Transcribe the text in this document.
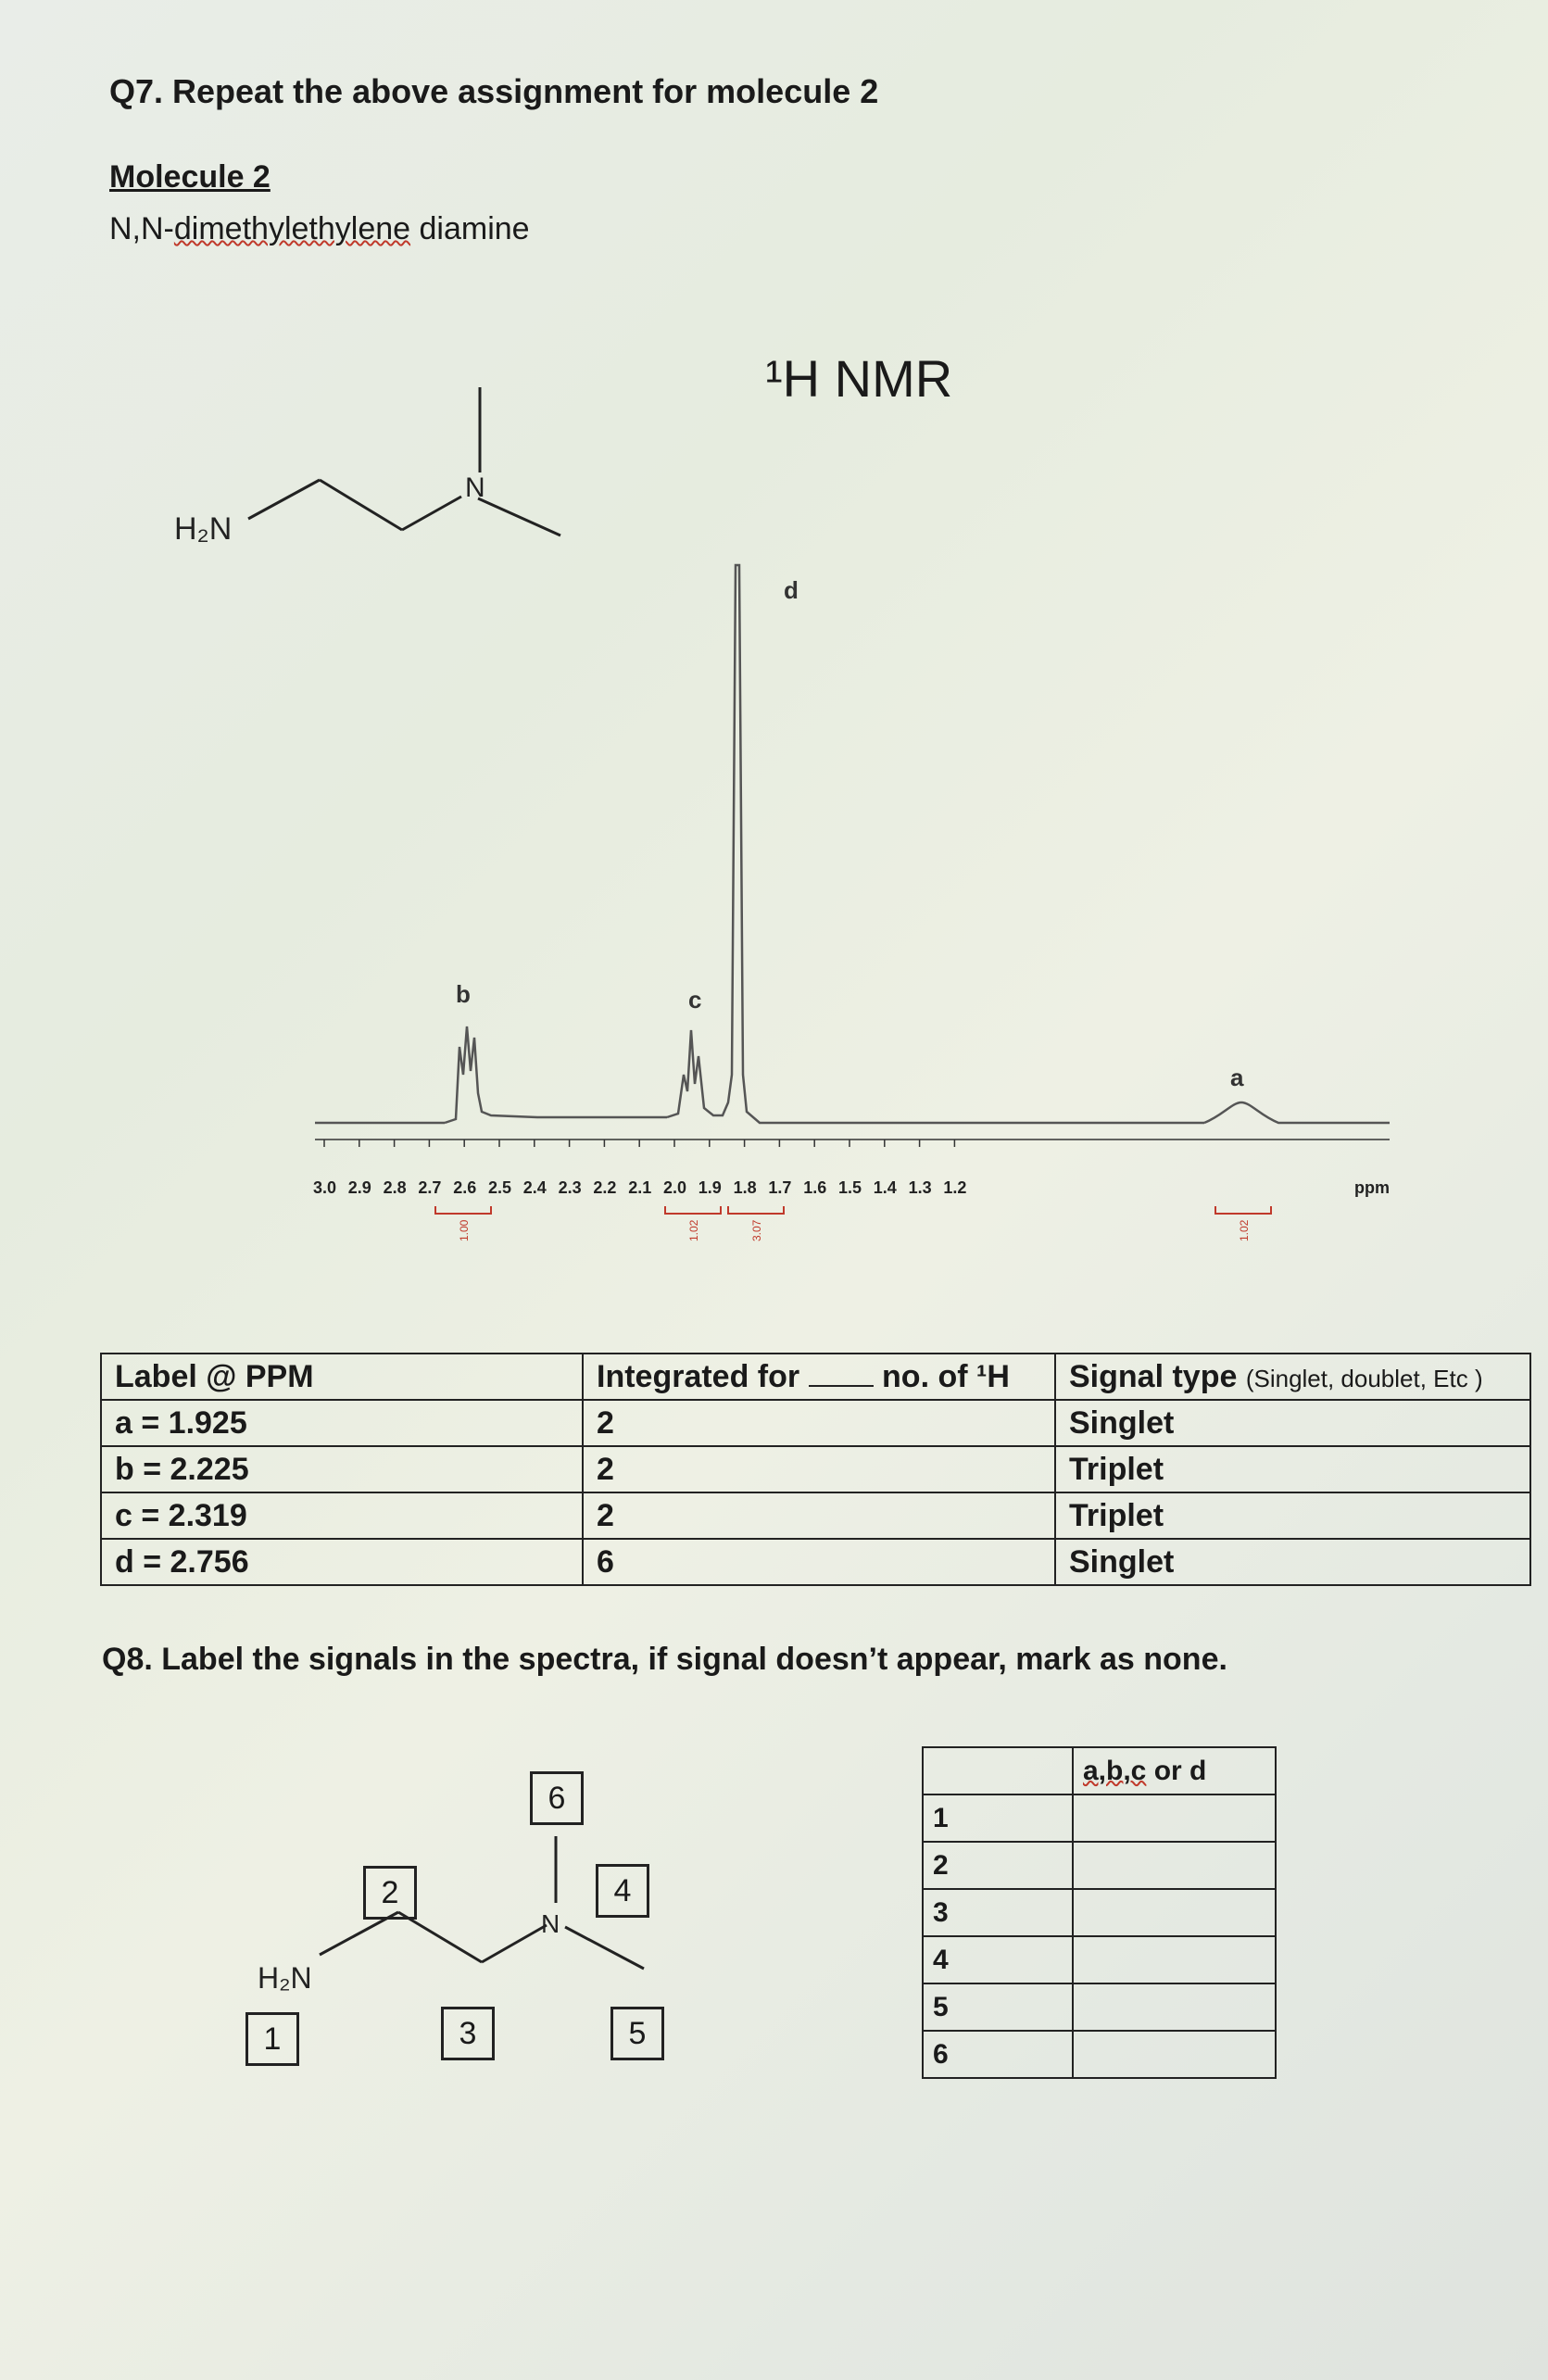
Q7. Repeat the above assignment for molecule 2
Molecule 2
N,N-dimethylethylene diamine
¹H NMR
H₂N
N
3.0 2.9 2.8 2.7 2.6 2.5 2.4 2.3 2.2 2.1 2.0 1.9 1.8 1.7 1.6 1.5 1.4 1.3 1.2
1.00	1.02	3.07	1.02
d
b	c
a
ppm
Label @ PPM	Integrated for no. of ¹H	Signal type (Singlet, doublet, Etc )
a = 1.925	2	Singlet
b = 2.225	2	Triplet
c = 2.319	2	Triplet
d = 2.756	6	Singlet
Q8. Label the signals in the spectra, if signal doesn’t appear, mark as none.
H₂N
N
1
2
3
4
5
6
	a,b,c or d
1	
2	
3	
4	
5	
6	
